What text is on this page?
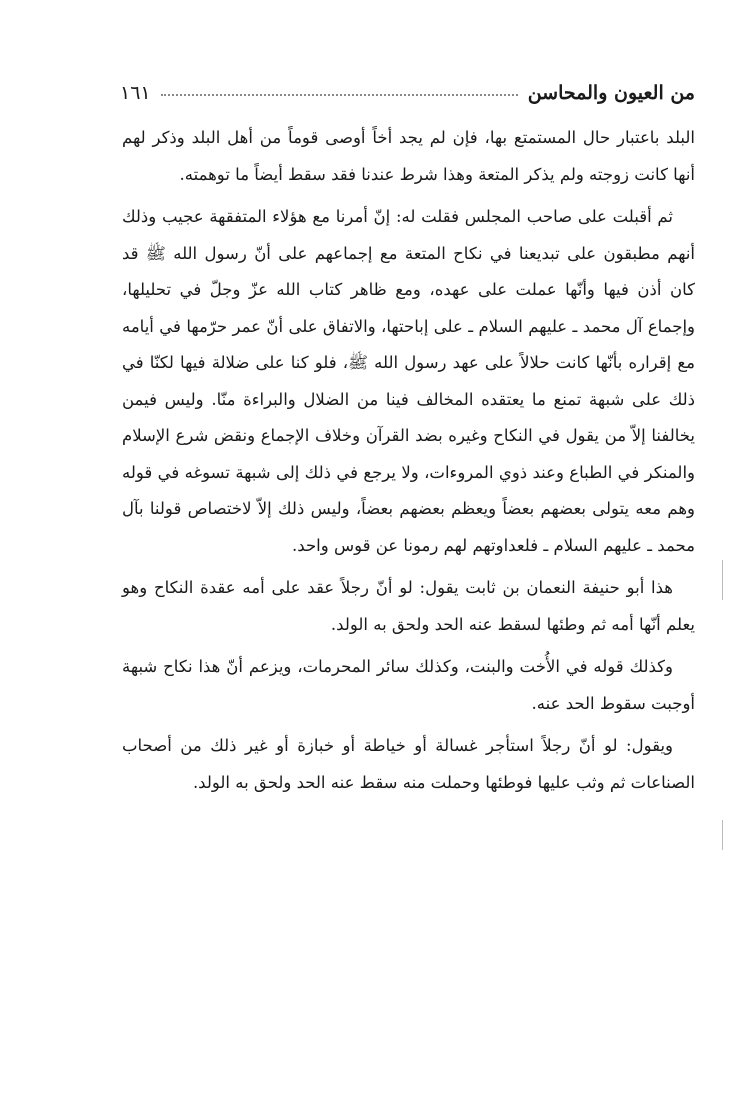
من العيون والمحاسن
١٦١

البلد باعتبار حال المستمتع بها، فإن لم يجد أخاً أوصى قوماً من أهل البلد وذكر لهم أنها كانت زوجته ولم يذكر المتعة وهذا شرط عندنا فقد سقط أيضاً ما توهمته.

ثم أقبلت على صاحب المجلس فقلت له: إنّ أمرنا مع هؤلاء المتفقهة عجيب وذلك أنهم مطبقون على تبديعنا في نكاح المتعة مع إجماعهم على أنّ رسول الله ﷺ قد كان أذن فيها وأنّها عملت على عهده، ومع ظاهر كتاب الله عزّ وجلّ في تحليلها، وإجماع آل محمد ـ عليهم السلام ـ على إباحتها، والاتفاق على أنّ عمر حرّمها في أيامه مع إقراره بأنّها كانت حلالاً على عهد رسول الله ﷺ، فلو كنا على ضلالة فيها لكنّا في ذلك على شبهة تمنع ما يعتقده المخالف فينا من الضلال والبراءة منّا. وليس فيمن يخالفنا إلاّ من يقول في النكاح وغيره بضد القرآن وخلاف الإجماع ونقض شرع الإسلام والمنكر في الطباع وعند ذوي المروءات، ولا يرجع في ذلك إلى شبهة تسوغه في قوله وهم معه يتولى بعضهم بعضاً ويعظم بعضهم بعضاً، وليس ذلك إلاّ لاختصاص قولنا بآل محمد ـ عليهم السلام ـ فلعداوتهم لهم رمونا عن قوس واحد.

هذا أبو حنيفة النعمان بن ثابت يقول: لو أنّ رجلاً عقد على أمه عقدة النكاح وهو يعلم أنّها أمه ثم وطئها لسقط عنه الحد ولحق به الولد.

وكذلك قوله في الأُخت والبنت، وكذلك سائر المحرمات، ويزعم أنّ هذا نكاح شبهة أوجبت سقوط الحد عنه.

ويقول: لو أنّ رجلاً استأجر غسالة أو خياطة أو خبازة أو غير ذلك من أصحاب الصناعات ثم وثب عليها فوطئها وحملت منه سقط عنه الحد ولحق به الولد.
